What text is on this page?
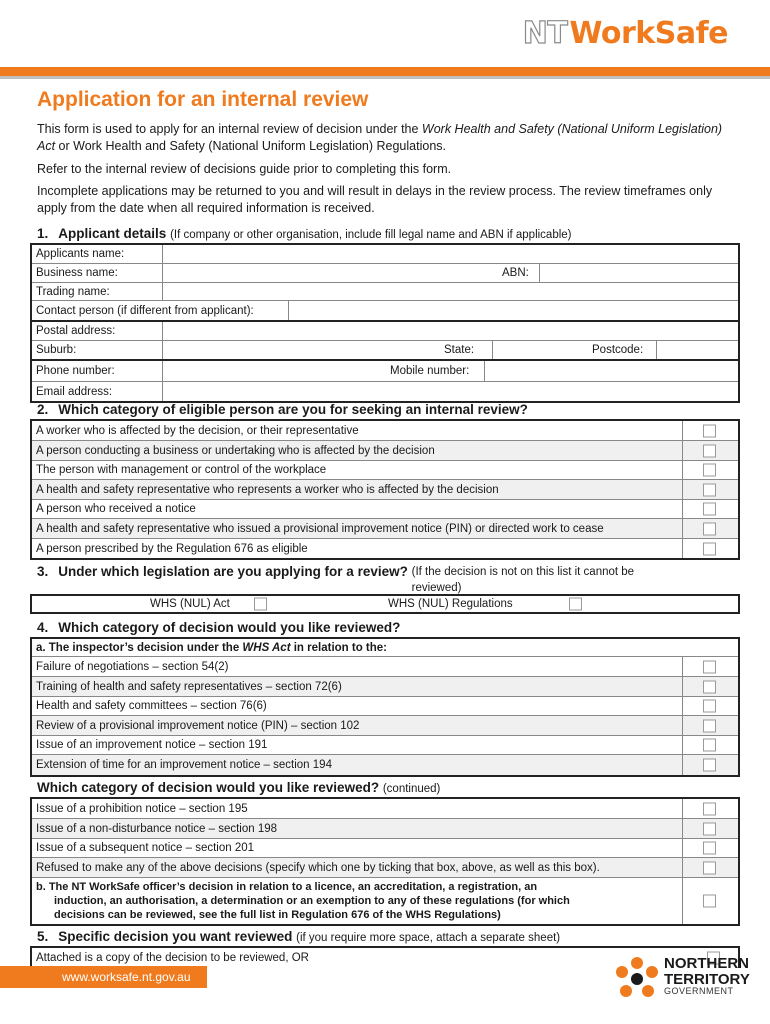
NTWorkSafe
Application for an internal review

This form is used to apply for an internal review of decision under the Work Health and Safety (National Uniform Legislation) Act or Work Health and Safety (National Uniform Legislation) Regulations.

Refer to the internal review of decisions guide prior to completing this form.

Incomplete applications may be returned to you and will result in delays in the review process. The review timeframes only apply from the date when all required information is received.

1. Applicant details (If company or other organisation, include fill legal name and ABN if applicable)
Applicants name:
Business name:	ABN:
Trading name:
Contact person (if different from applicant):
Postal address:
Suburb:	State:	Postcode:
Phone number:	Mobile number:
Email address:
2. Which category of eligible person are you for seeking an internal review?
A worker who is affected by the decision, or their representative
A person conducting a business or undertaking who is affected by the decision
The person with management or control of the workplace
A health and safety representative who represents a worker who is affected by the decision
A person who received a notice
A health and safety representative who issued a provisional improvement notice (PIN) or directed work to cease
A person prescribed by the Regulation 676 as eligible
3. Under which legislation are you applying for a review? (If the decision is not on this list it cannot be reviewed)
WHS (NUL) Act	WHS (NUL) Regulations
4. Which category of decision would you like reviewed?
a. The inspector’s decision under the WHS Act in relation to the:
Failure of negotiations – section 54(2)
Training of health and safety representatives – section 72(6)
Health and safety committees – section 76(6)
Review of a provisional improvement notice (PIN) – section 102
Issue of an improvement notice – section 191
Extension of time for an improvement notice – section 194
Which category of decision would you like reviewed? (continued)
Issue of a prohibition notice – section 195
Issue of a non-disturbance notice – section 198
Issue of a subsequent notice – section 201
Refused to make any of the above decisions (specify which one by ticking that box, above, as well as this box).
b. The NT WorkSafe officer’s decision in relation to a licence, an accreditation, a registration, an
induction, an authorisation, a determination or an exemption to any of these regulations (for which
decisions can be reviewed, see the full list in Regulation 676 of the WHS Regulations)
5. Specific decision you want reviewed (if you require more space, attach a separate sheet)
Attached is a copy of the decision to be reviewed, OR
www.worksafe.nt.gov.au
NORTHERN
TERRITORY
GOVERNMENT
